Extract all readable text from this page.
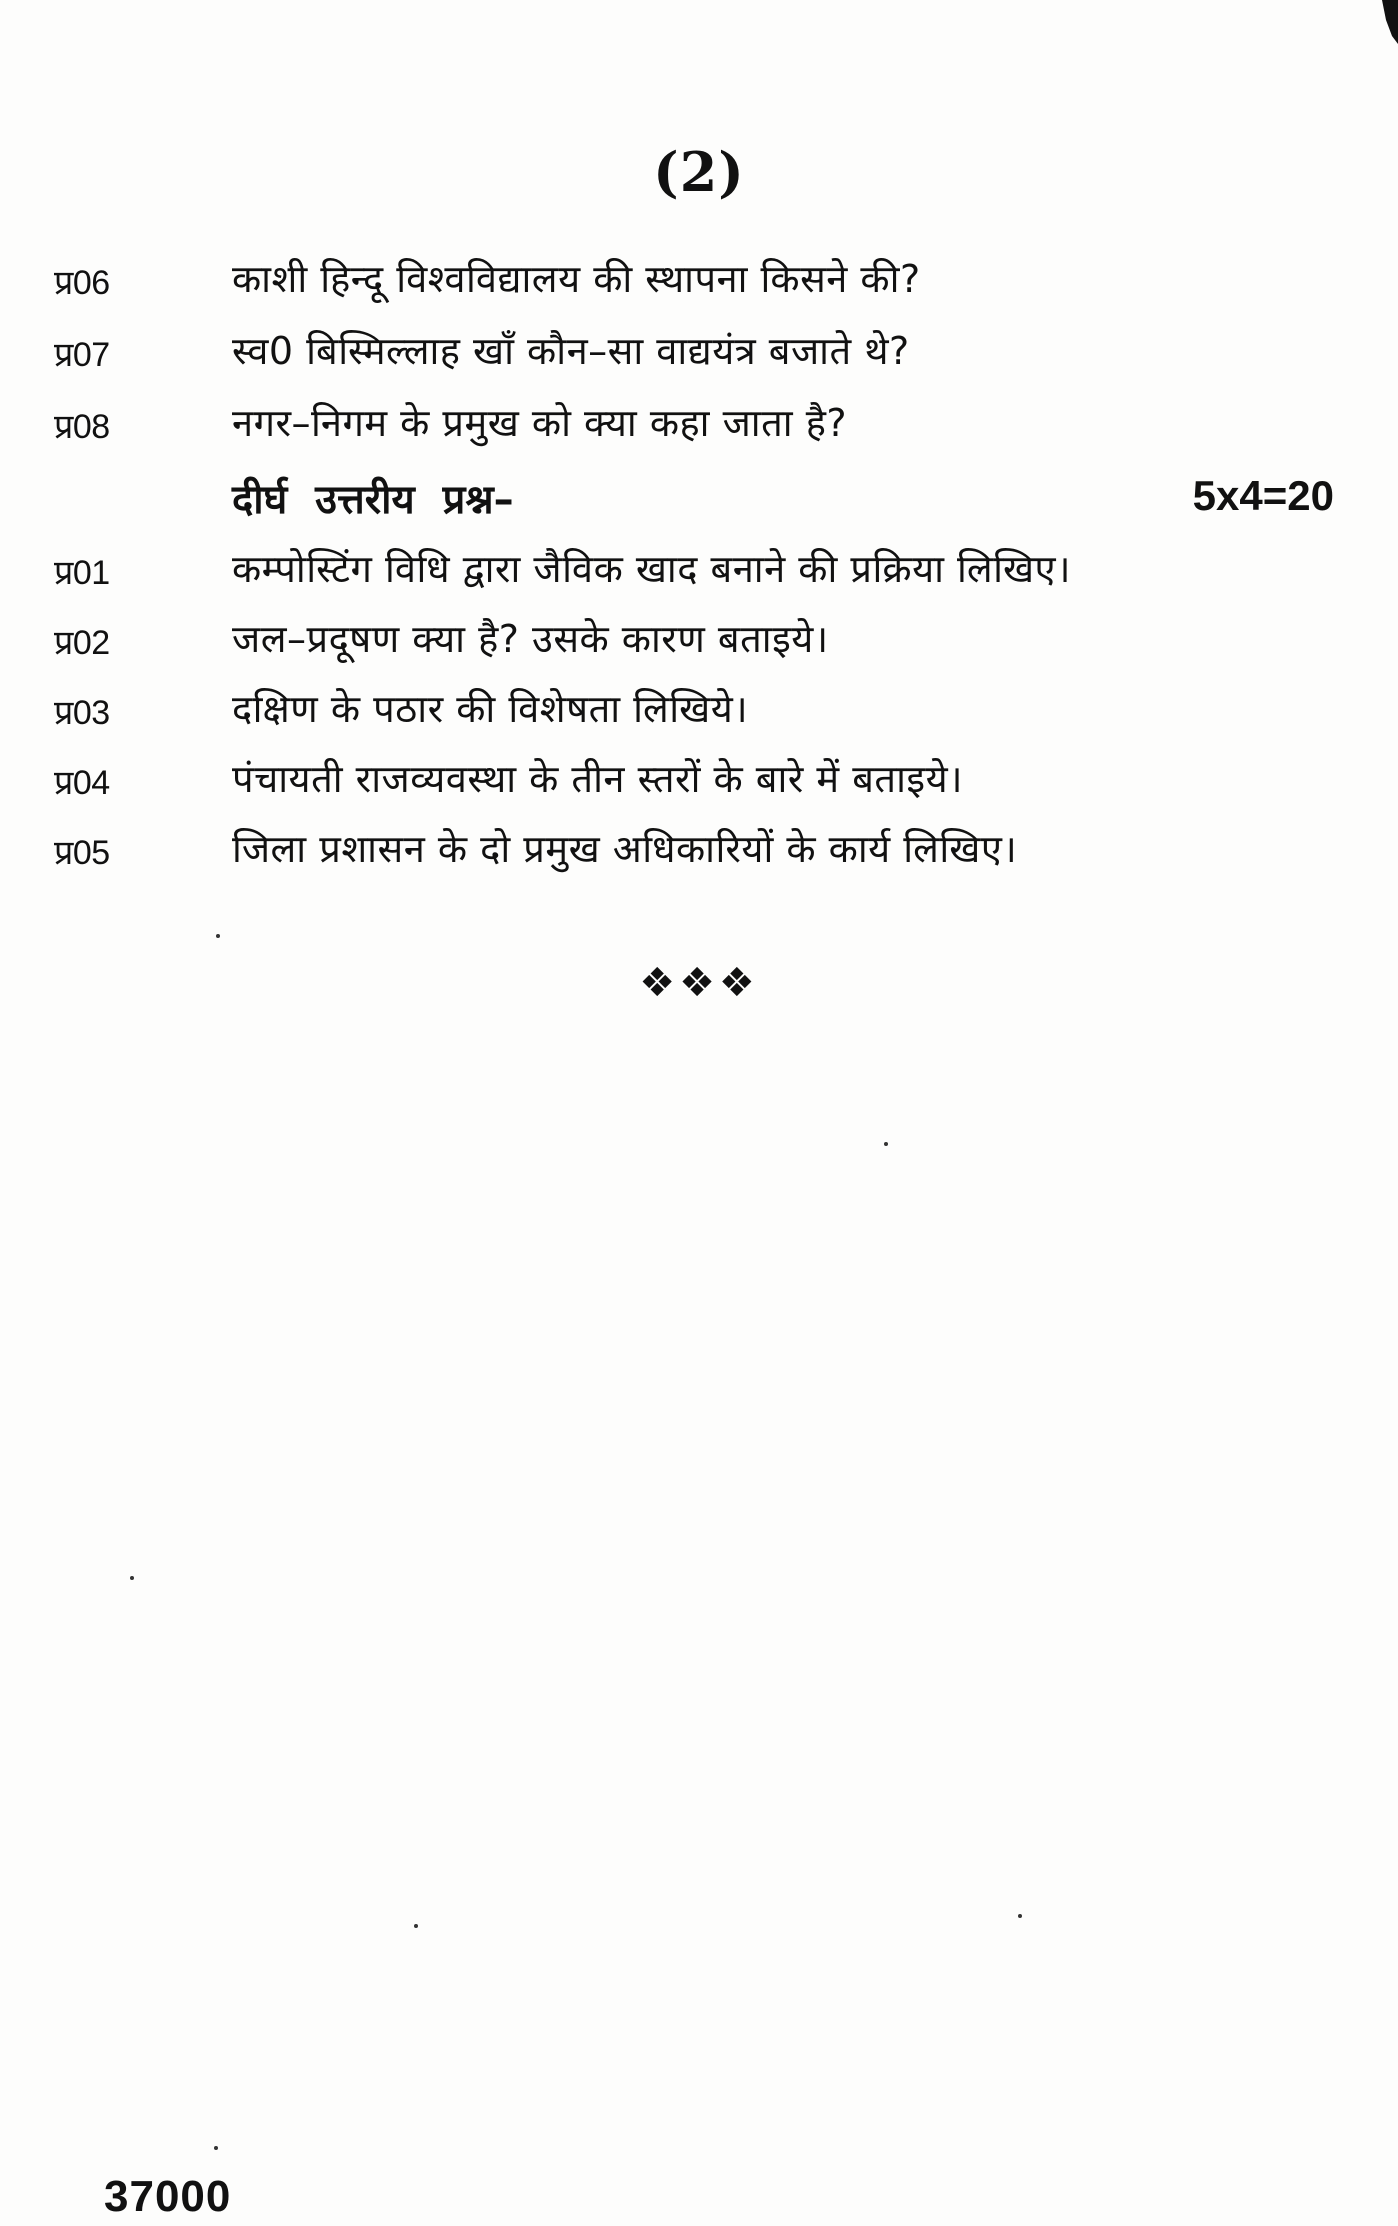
(2)
प्र06	काशी हिन्दू विश्वविद्यालय की स्थापना किसने की?
प्र07	स्व0 बिस्मिल्लाह खाँ कौन–सा वाद्ययंत्र बजाते थे?
प्र08	नगर–निगम के प्रमुख को क्या कहा जाता है?
दीर्घ उत्तरीय प्रश्न–	5x4=20
प्र01	कम्पोस्टिंग विधि द्वारा जैविक खाद बनाने की प्रक्रिया लिखिए।
प्र02	जल–प्रदूषण क्या है? उसके कारण बताइये।
प्र03	दक्षिण के पठार की विशेषता लिखिये।
प्र04	पंचायती राजव्यवस्था के तीन स्तरों के बारे में बताइये।
प्र05	जिला प्रशासन के दो प्रमुख अधिकारियों के कार्य लिखिए।
❖❖❖
37000
